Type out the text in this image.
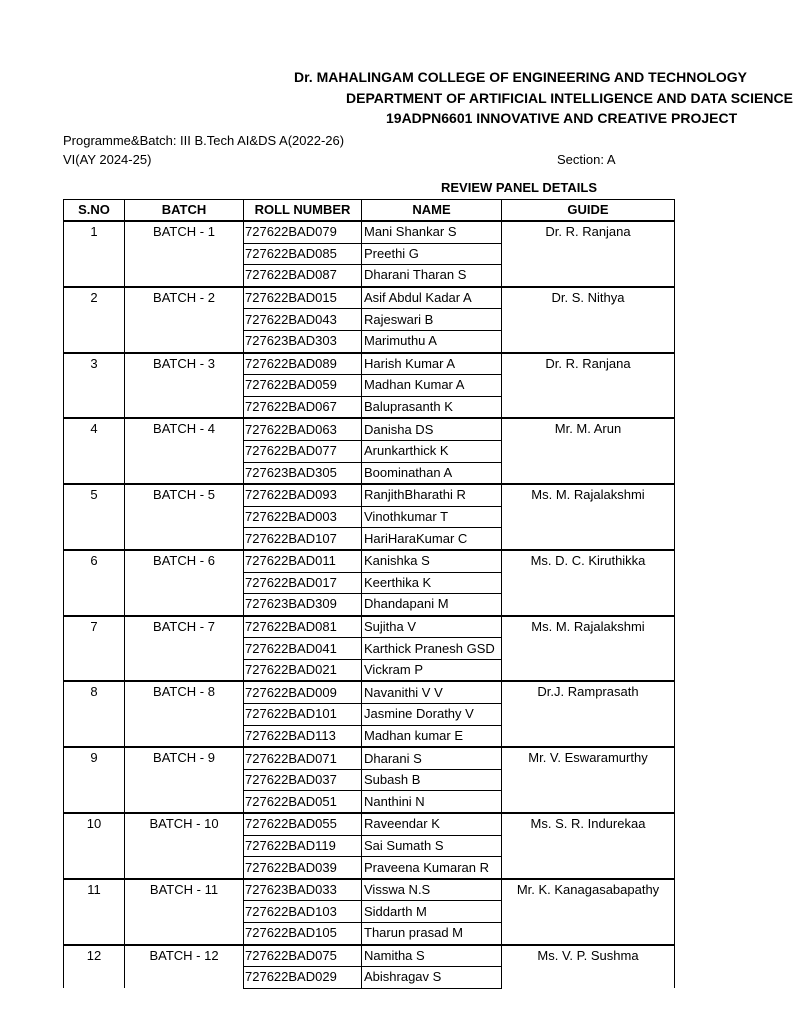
Dr. MAHALINGAM COLLEGE OF ENGINEERING AND TECHNOLOGY
DEPARTMENT OF ARTIFICIAL INTELLIGENCE AND DATA SCIENCE
19ADPN6601 INNOVATIVE AND CREATIVE PROJECT
Programme&Batch: III B.Tech AI&DS A(2022-26)
VI(AY 2024-25)	Section: A
REVIEW PANEL DETAILS
S.NO	BATCH	ROLL NUMBER	NAME	GUIDE
1	BATCH - 1	727622BAD079	Mani Shankar S	Dr. R. Ranjana
		727622BAD085	Preethi G	
		727622BAD087	Dharani Tharan S	
2	BATCH - 2	727622BAD015	Asif Abdul Kadar A	Dr. S. Nithya
		727622BAD043	Rajeswari B	
		727623BAD303	Marimuthu A	
3	BATCH - 3	727622BAD089	Harish Kumar A	Dr. R. Ranjana
		727622BAD059	Madhan Kumar A	
		727622BAD067	Baluprasanth K	
4	BATCH - 4	727622BAD063	Danisha DS	Mr. M. Arun
		727622BAD077	Arunkarthick K	
		727623BAD305	Boominathan A	
5	BATCH - 5	727622BAD093	RanjithBharathi R	Ms. M. Rajalakshmi
		727622BAD003	Vinothkumar T	
		727622BAD107	HariHaraKumar C	
6	BATCH - 6	727622BAD011	Kanishka S	Ms. D. C. Kiruthikka
		727622BAD017	Keerthika K	
		727623BAD309	Dhandapani M	
7	BATCH - 7	727622BAD081	Sujitha V	Ms. M. Rajalakshmi
		727622BAD041	Karthick Pranesh GSD	
		727622BAD021	Vickram P	
8	BATCH - 8	727622BAD009	Navanithi V V	Dr.J. Ramprasath
		727622BAD101	Jasmine Dorathy V	
		727622BAD113	Madhan kumar E	
9	BATCH - 9	727622BAD071	Dharani S	Mr. V. Eswaramurthy
		727622BAD037	Subash B	
		727622BAD051	Nanthini N	
10	BATCH - 10	727622BAD055	Raveendar K	Ms. S. R. Indurekaa
		727622BAD119	Sai Sumath S	
		727622BAD039	Praveena Kumaran R	
11	BATCH - 11	727623BAD033	Visswa N.S	Mr. K. Kanagasabapathy
		727622BAD103	Siddarth M	
		727622BAD105	Tharun prasad M	
12	BATCH - 12	727622BAD075	Namitha S	Ms. V. P. Sushma
		727622BAD029	Abishragav S	
